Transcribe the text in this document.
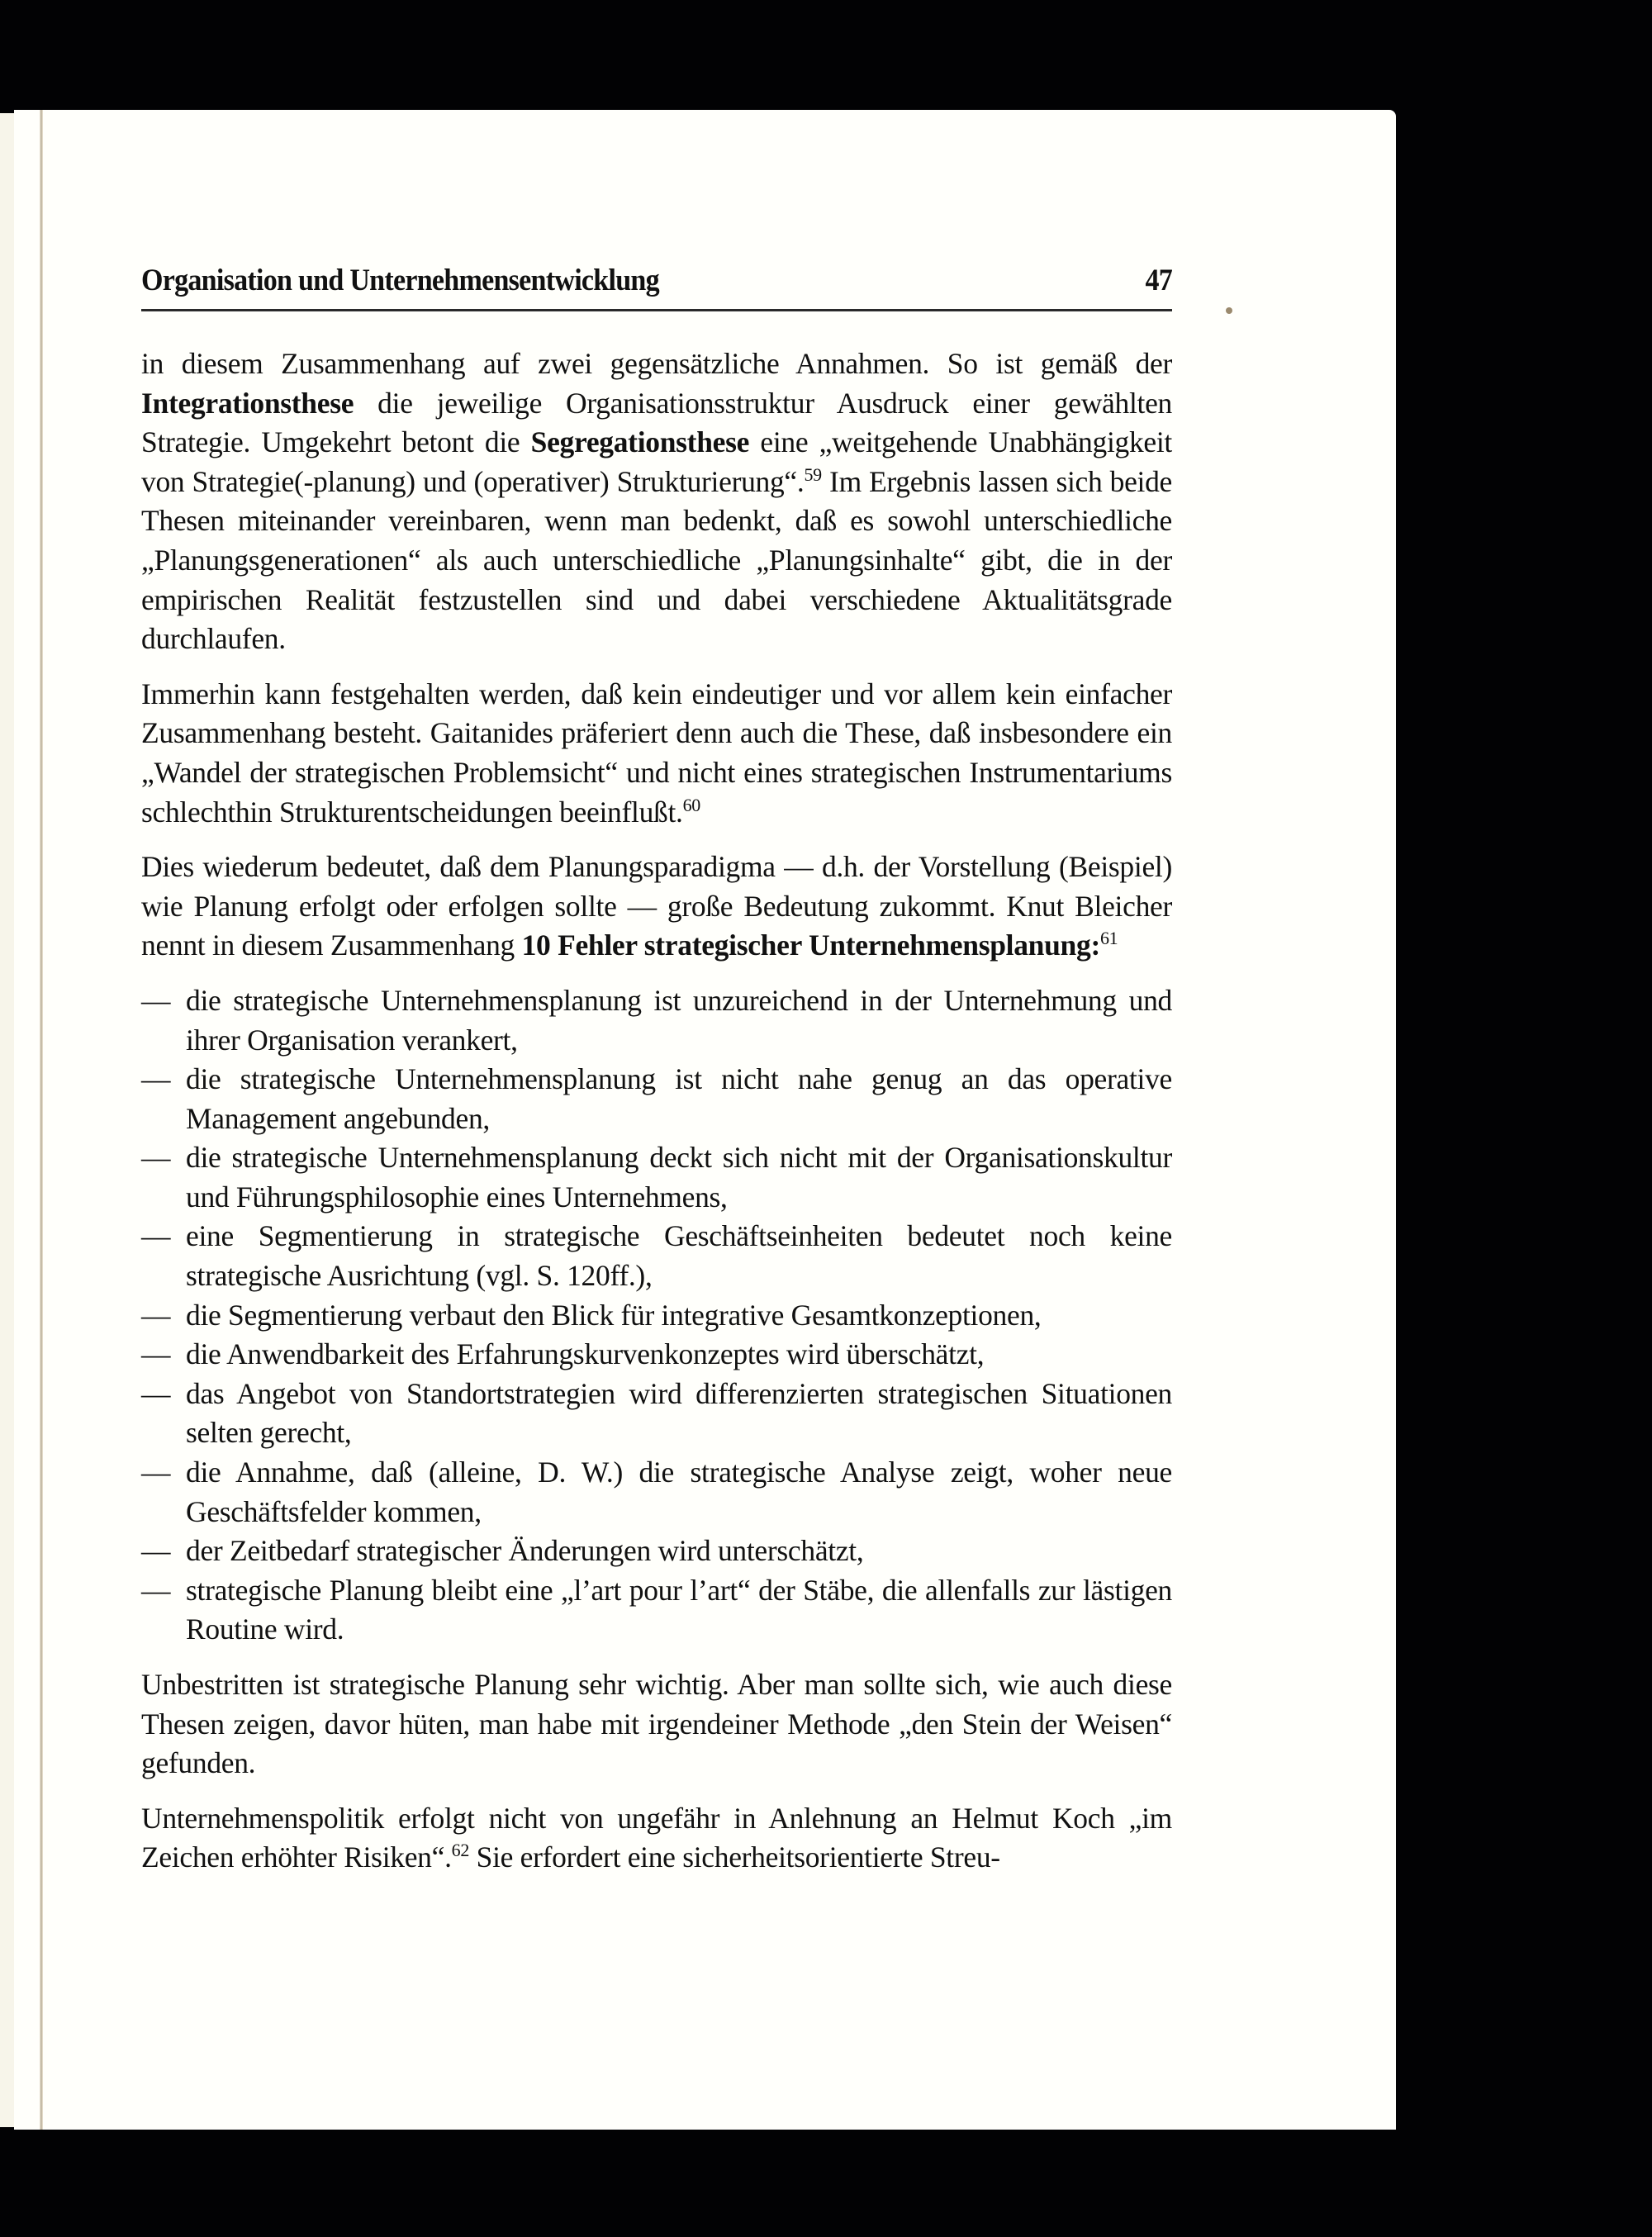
Organisation und Unternehmensentwicklung	47

in diesem Zusammenhang auf zwei gegensätzliche Annahmen. So ist gemäß der Integrationsthese die jeweilige Organisationsstruktur Ausdruck einer gewählten Strategie. Umgekehrt betont die Segregationsthese eine „weitgehende Unabhängigkeit von Strategie(-planung) und (operativer) Strukturierung“.$^{59}$ Im Ergebnis lassen sich beide Thesen miteinander vereinbaren, wenn man bedenkt, daß es sowohl unterschiedliche „Planungsgenerationen“ als auch unterschiedliche „Planungsinhalte“ gibt, die in der empirischen Realität festzustellen sind und dabei verschiedene Aktualitätsgrade durchlaufen.

Immerhin kann festgehalten werden, daß kein eindeutiger und vor allem kein einfacher Zusammenhang besteht. Gaitanides präferiert denn auch die These, daß insbesondere ein „Wandel der strategischen Problemsicht“ und nicht eines strategischen Instrumentariums schlechthin Strukturentscheidungen beeinflußt.$^{60}$

Dies wiederum bedeutet, daß dem Planungsparadigma — d.h. der Vorstellung (Beispiel) wie Planung erfolgt oder erfolgen sollte — große Bedeutung zukommt. Knut Bleicher nennt in diesem Zusammenhang 10 Fehler strategischer Unternehmensplanung:$^{61}$

— die strategische Unternehmensplanung ist unzureichend in der Unternehmung und ihrer Organisation verankert,
— die strategische Unternehmensplanung ist nicht nahe genug an das operative Management angebunden,
— die strategische Unternehmensplanung deckt sich nicht mit der Organisationskultur und Führungsphilosophie eines Unternehmens,
— eine Segmentierung in strategische Geschäftseinheiten bedeutet noch keine strategische Ausrichtung (vgl. S. 120ff.),
— die Segmentierung verbaut den Blick für integrative Gesamtkonzeptionen,
— die Anwendbarkeit des Erfahrungskurvenkonzeptes wird überschätzt,
— das Angebot von Standortstrategien wird differenzierten strategischen Situationen selten gerecht,
— die Annahme, daß (alleine, D. W.) die strategische Analyse zeigt, woher neue Geschäftsfelder kommen,
— der Zeitbedarf strategischer Änderungen wird unterschätzt,
— strategische Planung bleibt eine „l’art pour l’art“ der Stäbe, die allenfalls zur lästigen Routine wird.

Unbestritten ist strategische Planung sehr wichtig. Aber man sollte sich, wie auch diese Thesen zeigen, davor hüten, man habe mit irgendeiner Methode „den Stein der Weisen“ gefunden.

Unternehmenspolitik erfolgt nicht von ungefähr in Anlehnung an Helmut Koch „im Zeichen erhöhter Risiken“.$^{62}$ Sie erfordert eine sicherheitsorientierte Streu-
